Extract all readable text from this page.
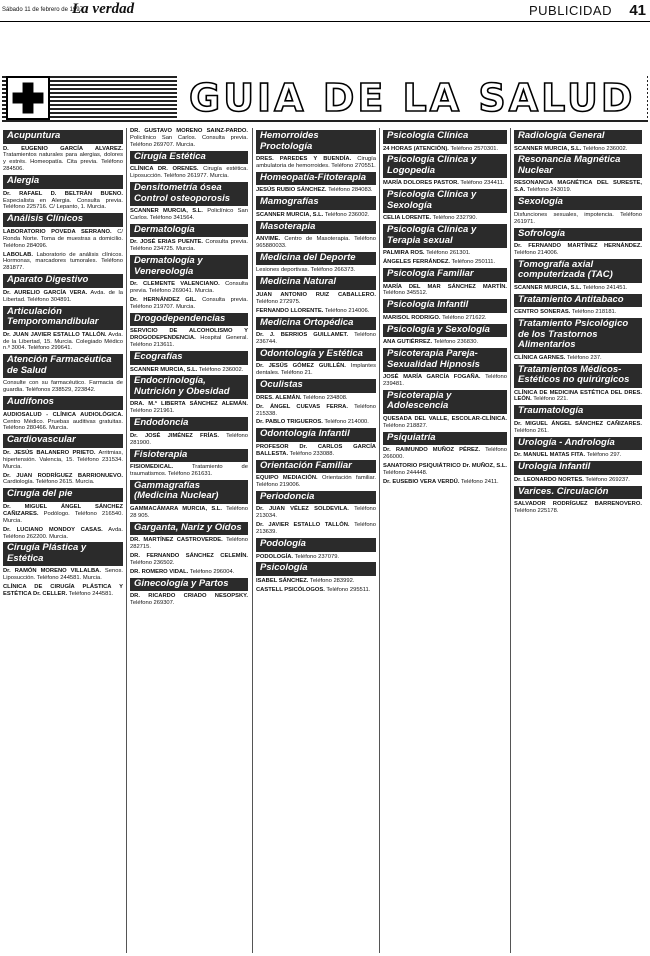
Sábado 11 de febrero de 1997
La verdad	PUBLICIDAD 41
GUIA DE LA SALUD
Acupuntura

D. EUGENIO GARCÍA ALVAREZ. Tratamientos naturales para alergias, dolores y estrés. Homeopatía. Cita previa. Teléfono 284506.

Alergia

Dr. RAFAEL D. BELTRÁN BUENO. Especialista en Alergia. Consulta previa. Teléfono 225716. C/ Lepanto, 1. Murcia.

Análisis Clínicos

LABORATORIO POVEDA SERRANO. C/ Ronda Norte. Toma de muestras a domicilio. Teléfono 284096.

LABOLAB. Laboratorio de análisis clínicos. Hormonas, marcadores tumorales. Teléfono 281877.

Aparato Digestivo

Dr. AURELIO GARCÍA VERA. Avda. de la Libertad. Teléfono 304891.

Articulación Temporomandibular

Dr. JUAN JAVIER ESTALLO TALLÓN. Avda. de la Libertad, 15. Murcia. Colegiado Médico n.º 3004. Teléfono 299641.

Atención Farmacéutica de Salud

Consulte con su farmacéutico. Farmacia de guardia. Teléfonos 238529, 223842.

Audífonos

AUDIOSALUD - CLÍNICA AUDIOLÓGICA. Centro Médico. Pruebas auditivas gratuitas. Teléfono 280466. Murcia.

Cardiovascular

Dr. JESÚS BALANERO PRIETO. Arritmias, hipertensión. Valencia, 15. Teléfono 231534. Murcia.

Dr. JUAN RODRÍGUEZ BARRIONUEVO. Cardiología. Teléfono 2615. Murcia.

Cirugía del pie

Dr. MIGUEL ÁNGEL SÁNCHEZ CAÑIZARES. Podólogo. Teléfono 216540. Murcia.

Dr. LUCIANO MONDOY CASAS. Avda. Teléfono 262200. Murcia.

Cirugía Plástica y Estética

Dr. RAMÓN MORENO VILLALBA. Senos. Liposucción. Teléfono 244581. Murcia.

CLÍNICA DE CIRUGÍA PLÁSTICA Y ESTÉTICA Dr. CELLER. Teléfono 244581.

DR. GUSTAVO MORENO SAINZ-PARDO. Policlínico San Carlos. Consulta previa. Teléfono 269707. Murcia.

Cirugía Estética

CLÍNICA DR. ORENES. Cirugía estética. Liposucción. Teléfono 261977. Murcia.

Densitometría ósea Control osteoporosis

SCANNER MURCIA, S.L. Policlínico San Carlos. Teléfono 341564.

Dermatología

Dr. JOSÉ ERIAS PUENTE. Consulta previa. Teléfono 234725. Murcia.

Dermatología y Venereología

Dr. CLEMENTE VALENCIANO. Consulta previa. Teléfono 269041. Murcia.

Dr. HERNÁNDEZ GIL. Consulta previa. Teléfono 219707. Murcia.

Drogodependencias

SERVICIO DE ALCOHOLISMO Y DROGODEPENDENCIA. Hospital General. Teléfono 213611.

Ecografías

SCANNER MURCIA, S.L. Teléfono 236002.

Endocrinología, Nutrición y Obesidad

DRA. M.ª LIBERTA SÁNCHEZ ALEMÁN. Teléfono 221961.

Endodoncia

Dr. JOSÉ JIMÉNEZ FRÍAS. Teléfono 281900.

Fisioterapia

FISIOMEDICAL.	Tratamiento de traumatismos. Teléfono 261631.

Gammagrafías (Medicina Nuclear)

GAMMACÁMARA MURCIA, S.L. Teléfono 28 905.

Garganta, Nariz y Oídos

DR. MARTÍNEZ CASTROVERDE. Teléfono 282715.

DR. FERNANDO SÁNCHEZ CELEMÍN. Teléfono 236502.

DR. ROMERO VIDAL. Teléfono 296004.

Ginecología y Partos

DR. RICARDO CRIADO NESOPSKY. Teléfono 269307.

Hemorroides Proctología

DRES. PAREDES Y BUENDÍA. Cirugía ambulatoria de hemorroides. Teléfono 270551.

Homeopatía-Fitoterapia

JESÚS RUBIO SÁNCHEZ. Teléfono 284083.

Mamografías

SCANNER MURCIA, S.L. Teléfono 236002.

Masoterapia

ANVIME. Centro de Masoterapia. Teléfono 965880033.

Medicina del Deporte

Lesiones deportivas. Teléfono 266373.

Medicina Natural

JUAN ANTONIO RUIZ CABALLERO. Teléfono 272975.

FERNANDO LLORENTE. Teléfono 214006.

Medicina Ortopédica

Dr. J. BERRIOS GUILLAMET. Teléfono 236744.

Odontología y Estética

Dr. JESÚS GÓMEZ GUILLÉN. Implantes dentales. Teléfono 21.

Oculistas

DRES. ALEMÁN. Teléfono 234808.

Dr. ÁNGEL CUEVAS FERRA. Teléfono 215338.

Dr. PABLO TRIGUEROS. Teléfono 214000.

Odontología Infantil

PROFESOR Dr. CARLOS GARCÍA BALLESTA. Teléfono 233088.

Orientación Familiar

EQUIPO MEDIACIÓN. Orientación familiar. Teléfono 219006.

Periodoncia

Dr. JUAN VÉLEZ SOLDEVILA. Teléfono 213034.

Dr. JAVIER ESTALLO TALLÓN. Teléfono 213639.

Podología

PODOLOGÍA. Teléfono 237079.

Psicología

ISABEL SÁNCHEZ. Teléfono 283992.

CASTELL PSICÓLOGOS. Teléfono 295511.

Psicología Clínica

24 HORAS (ATENCIÓN). Teléfono 2570301.

Psicología Clínica y Logopedia

MARÍA DOLORES PASTOR. Teléfono 234411.

Psicología Clínica y Sexología

CELIA LORENTE. Teléfono 232790.

Psicología Clínica y Terapia sexual

PALMIRA ROS. Teléfono 261301.

ÁNGELES FERRÁNDEZ. Teléfono 250111.

Psicología Familiar

MARÍA DEL MAR SÁNCHEZ MARTÍN. Teléfono 345512.

Psicología Infantil

MARISOL RODRIGO. Teléfono 271622.

Psicología y Sexología

ANA GUTIÉRREZ. Teléfono 236830.

Psicoterapia Pareja-Sexualidad Hipnosis

JOSÉ MARÍA GARCÍA FOGAÑA. Teléfono 239481.

Psicoterapia y Adolescencia

QUESADA DEL VALLE, ESCOLAR-CLÍNICA. Teléfono 218827.

Psiquiatría

Dr. RAIMUNDO MUÑOZ PÉREZ. Teléfono 266000.

SANATORIO PSIQUIÁTRICO Dr. MUÑOZ, S.L. Teléfono 244448.

Dr. EUSEBIO VERA VERDÚ. Teléfono 2411.

Radiología General

SCANNER MURCIA, S.L. Teléfono 236002.

Resonancia Magnética Nuclear

RESONANCIA MAGNÉTICA DEL SURESTE, S.A. Teléfono 243019.

Sexología

Disfunciones sexuales, impotencia. Teléfono 261971.

Sofrología

Dr. FERNANDO MARTÍNEZ HERNÁNDEZ. Teléfono 214006.

Tomografía axial computerizada (TAC)

SCANNER MURCIA, S.L. Teléfono 241451.

Tratamiento Antitabaco

CENTRO SONERAS. Teléfono 218181.

Tratamiento Psicológico de los Trastornos Alimentarios

CLÍNICA GARNES. Teléfono 237.

Tratamientos Médicos-Estéticos no quirúrgicos

CLÍNICA DE MEDICINA ESTÉTICA DEL DRES. LEÓN. Teléfono 221.

Traumatología

Dr. MIGUEL ÁNGEL SÁNCHEZ CAÑIZARES. Teléfono 261.

Urología - Andrología

Dr. MANUEL MATAS FITA. Teléfono 297.

Urología Infantil

Dr. LEONARDO NORTES. Teléfono 269237.

Varices. Circulación

SALVADOR RODRÍGUEZ BARRENOVERO. Teléfono 225178.
